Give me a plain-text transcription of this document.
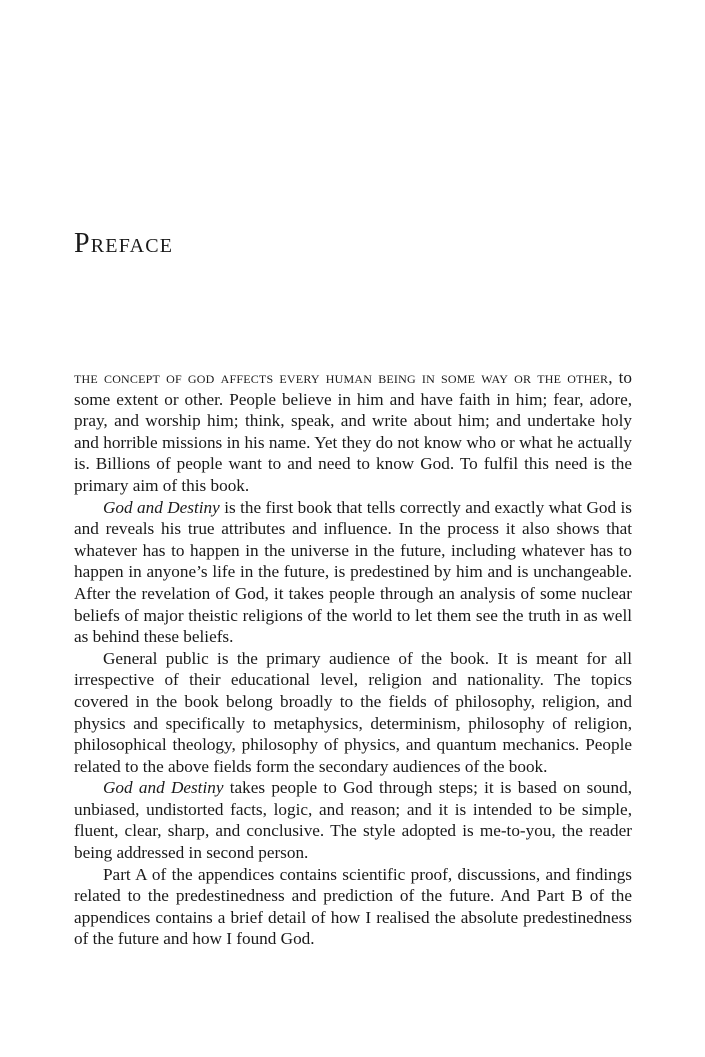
Preface

the concept of god affects every human being in some way or the other, to some extent or other. People believe in him and have faith in him; fear, adore, pray, and worship him; think, speak, and write about him; and undertake holy and horrible missions in his name. Yet they do not know who or what he actually is. Billions of people want to and need to know God. To fulfil this need is the primary aim of this book.

God and Destiny is the first book that tells correctly and exactly what God is and reveals his true attributes and influence. In the process it also shows that whatever has to happen in the universe in the future, including whatever has to happen in anyone’s life in the future, is predestined by him and is unchangeable. After the revelation of God, it takes people through an analysis of some nuclear beliefs of major theistic religions of the world to let them see the truth in as well as behind these beliefs.

General public is the primary audience of the book. It is meant for all irrespective of their educational level, religion and nationality. The topics covered in the book belong broadly to the fields of philosophy, religion, and physics and specifically to metaphysics, determinism, philosophy of religion, philosophical theology, philosophy of physics, and quantum mechanics. People related to the above fields form the secondary audiences of the book.

God and Destiny takes people to God through steps; it is based on sound, unbiased, undistorted facts, logic, and reason; and it is intended to be simple, fluent, clear, sharp, and conclusive. The style adopted is me-to-you, the reader being addressed in second person.

Part A of the appendices contains scientific proof, discussions, and findings related to the predestinedness and prediction of the future. And Part B of the appendices contains a brief detail of how I realised the absolute predestinedness of the future and how I found God.
